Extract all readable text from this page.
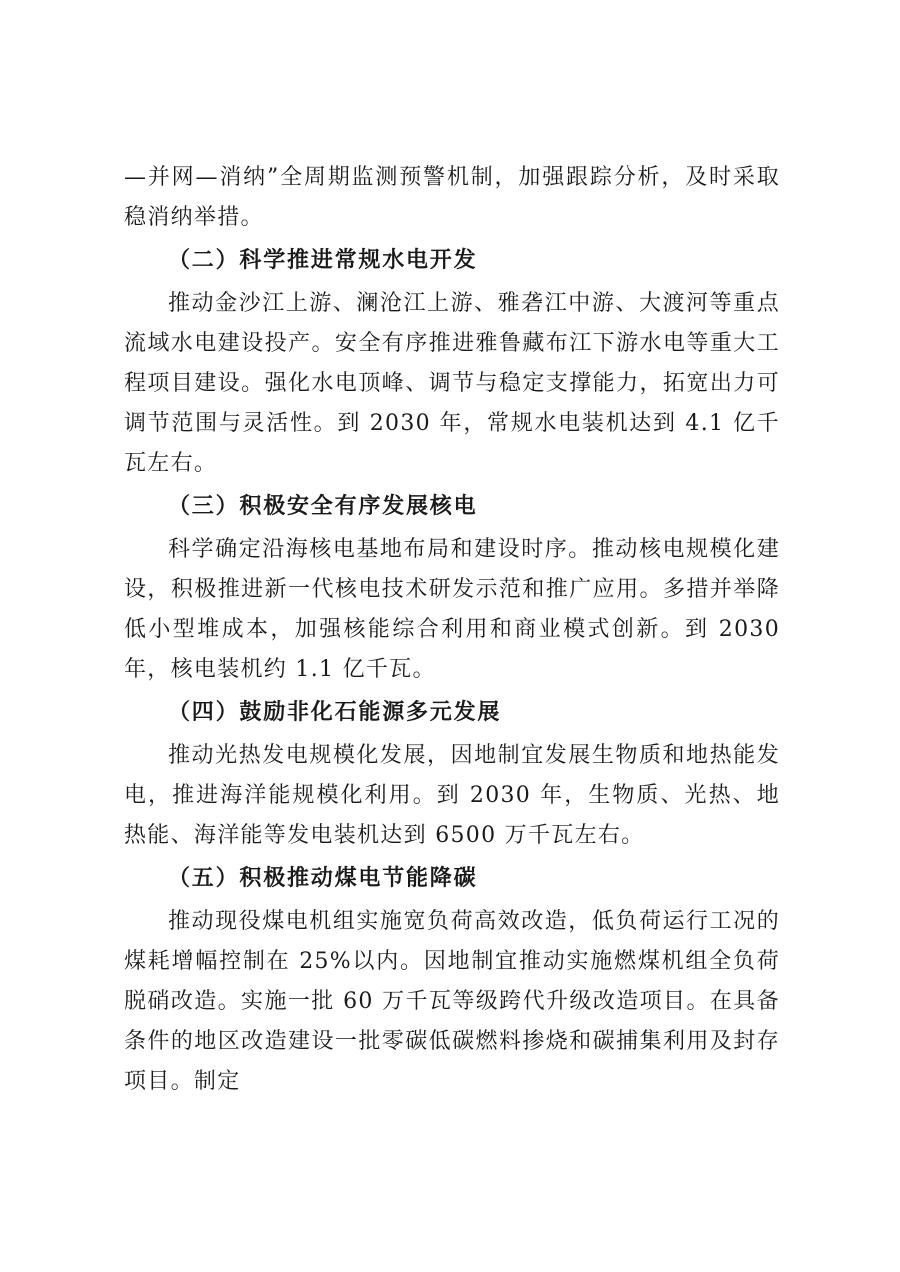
—并网—消纳”全周期监测预警机制，加强跟踪分析，及时采取稳消纳举措。

（二）科学推进常规水电开发

推动金沙江上游、澜沧江上游、雅砻江中游、大渡河等重点流域水电建设投产。安全有序推进雅鲁藏布江下游水电等重大工程项目建设。强化水电顶峰、调节与稳定支撑能力，拓宽出力可调节范围与灵活性。到 2030 年，常规水电装机达到 4.1 亿千瓦左右。

（三）积极安全有序发展核电

科学确定沿海核电基地布局和建设时序。推动核电规模化建设，积极推进新一代核电技术研发示范和推广应用。多措并举降低小型堆成本，加强核能综合利用和商业模式创新。到 2030 年，核电装机约 1.1 亿千瓦。

（四）鼓励非化石能源多元发展

推动光热发电规模化发展，因地制宜发展生物质和地热能发电，推进海洋能规模化利用。到 2030 年，生物质、光热、地热能、海洋能等发电装机达到 6500 万千瓦左右。

（五）积极推动煤电节能降碳

推动现役煤电机组实施宽负荷高效改造，低负荷运行工况的煤耗增幅控制在 25%以内。因地制宜推动实施燃煤机组全负荷脱硝改造。实施一批 60 万千瓦等级跨代升级改造项目。在具备条件的地区改造建设一批零碳低碳燃料掺烧和碳捕集利用及封存项目。制定
